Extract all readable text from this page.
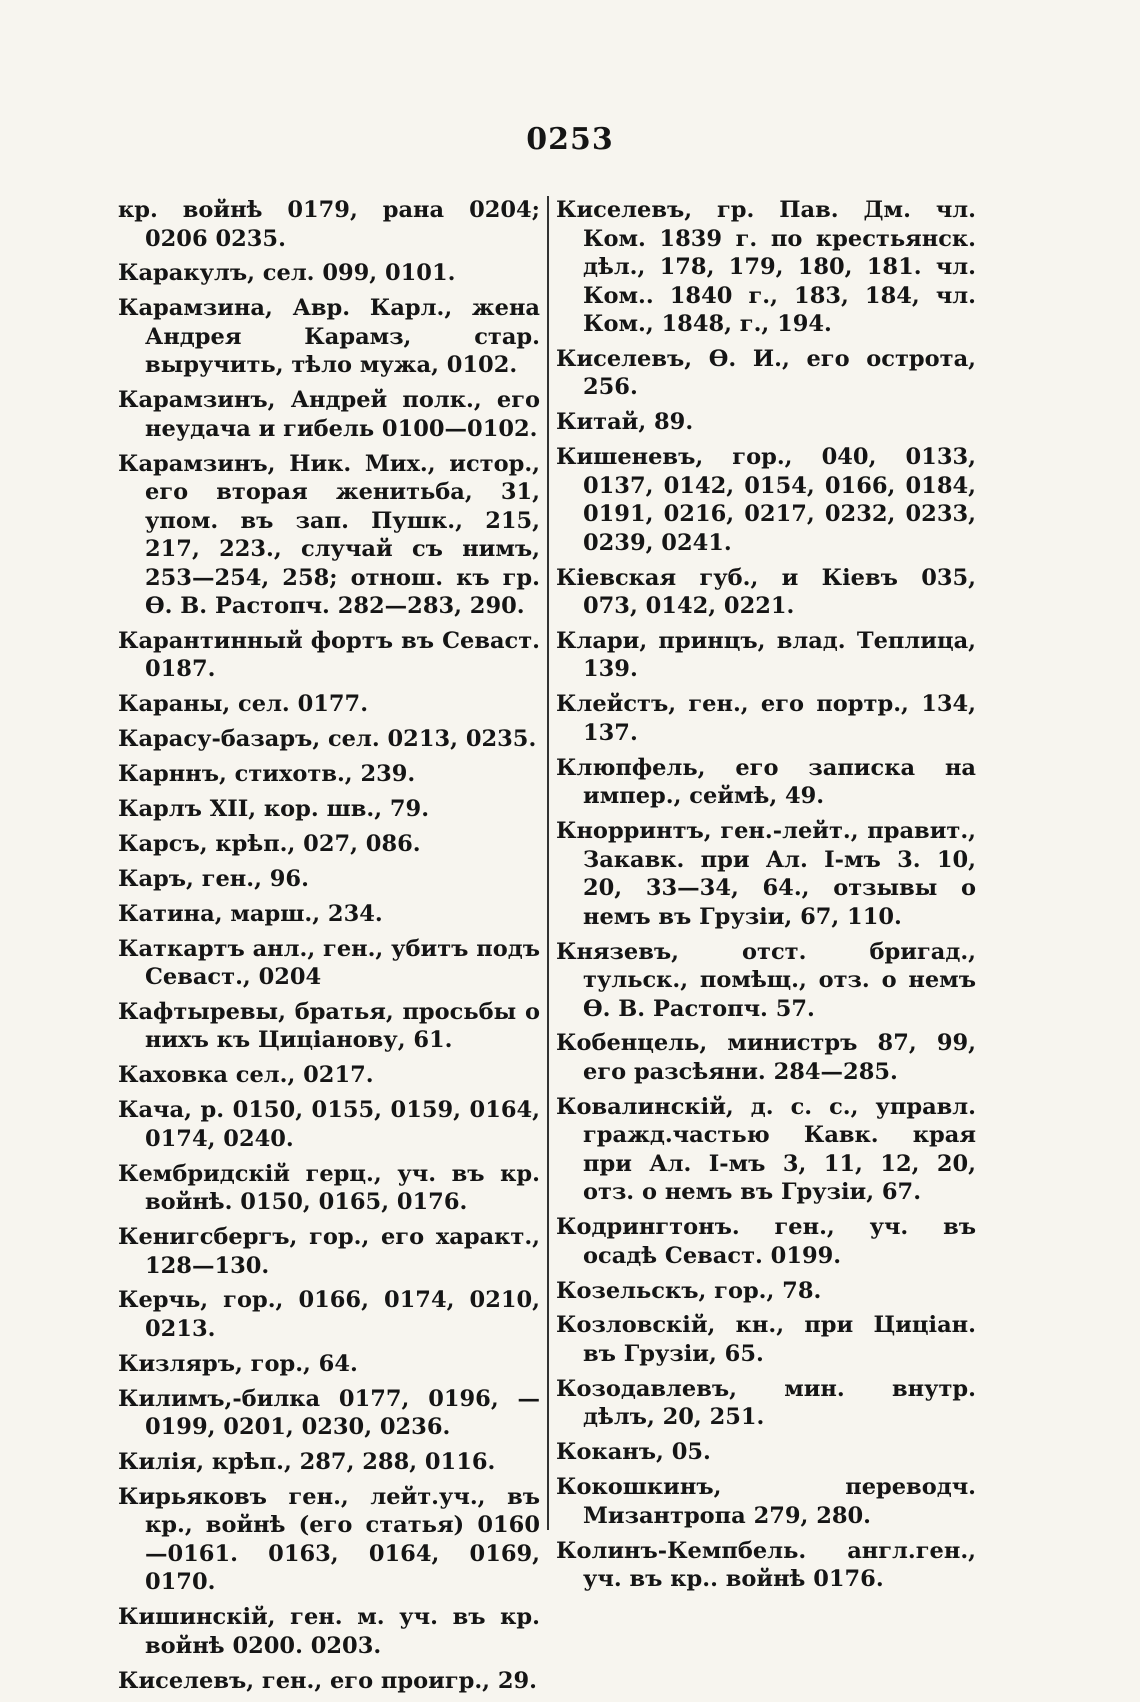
0253

кр. войнѣ 0179, рана 0204; 0206 0235.

Каракулъ, сел. 099, 0101.

Карамзина, Авр. Карл., жена Андрея Карамз, стар. выручить, тѣло мужа, 0102.

Карамзинъ, Андрей полк., его неудача и гибель 0100—0102.

Карамзинъ, Ник. Мих., истор., его вторая женитьба, 31, упом. въ зап. Пушк., 215, 217, 223., случай съ нимъ, 253—254, 258; отнош. къ гр. Ѳ. В. Растопч. 282—283, 290.

Карантинный фортъ въ Севаст. 0187.

Караны, сел. 0177.

Карасу-базаръ, сел. 0213, 0235.

Карннъ, стихотв., 239.

Карлъ XII, кор. шв., 79.

Карсъ, крѣп., 027, 086.

Каръ, ген., 96.

Катина, марш., 234.

Каткартъ анл., ген., убитъ подъ Севаст., 0204

Кафтыревы, братья, просьбы о нихъ къ Циціанову, 61.

Каховка сел., 0217.

Кача, р. 0150, 0155, 0159, 0164, 0174, 0240.

Кембридскій герц., уч. въ кр. войнѣ. 0150, 0165, 0176.

Кенигсбергъ, гор., его характ., 128—130.

Керчь, гор., 0166, 0174, 0210, 0213.

Кизляръ, гор., 64.

Килимъ,-билка 0177, 0196, — 0199, 0201, 0230, 0236.

Килія, крѣп., 287, 288, 0116.

Кирьяковъ ген., лейт.уч., въ кр., войнѣ (его статья) 0160—0161. 0163, 0164, 0169, 0170.

Кишинскій, ген. м. уч. въ кр. войнѣ 0200. 0203.

Киселевъ, ген., его проигр., 29.

Киселевъ, гр. Пав. Дм. чл. Ком. 1839 г. по крестьянск. дѣл., 178, 179, 180, 181. чл. Ком.. 1840 г., 183, 184, чл. Ком., 1848, г., 194.

Киселевъ, Ѳ. И., его острота, 256.

Китай, 89.

Кишеневъ, гор., 040, 0133, 0137, 0142, 0154, 0166, 0184, 0191, 0216, 0217, 0232, 0233, 0239, 0241.

Кіевская губ., и Кіевъ 035, 073, 0142, 0221.

Клари, принцъ, влад. Теплица, 139.

Клейстъ, ген., его портр., 134, 137.

Клюпфель, его записка на импер., сеймѣ, 49.

Кнорринтъ, ген.-лейт., правит., Закавк. при Ал. I-мъ 3. 10, 20, 33—34, 64., отзывы о немъ въ Грузіи, 67, 110.

Князевъ, отст. бригад., тульск., помѣщ., отз. о немъ Ѳ. В. Растопч. 57.

Кобенцель, министръ 87, 99, его разсѣяни. 284—285.

Ковалинскій, д. с. с., управл. гражд.частью Кавк. края при Ал. I-мъ 3, 11, 12, 20, отз. о немъ въ Грузіи, 67.

Кодрингтонъ. ген., уч. въ осадѣ Севаст. 0199.

Козельскъ, гор., 78.

Козловскій, кн., при Циціан. въ Грузіи, 65.

Козодавлевъ, мин. внутр. дѣлъ, 20, 251.

Коканъ, 05.

Кокошкинъ, переводч. Мизантропа 279, 280.

Колинъ-Кемпбель. англ.ген., уч. въ кр.. войнѣ 0176.
